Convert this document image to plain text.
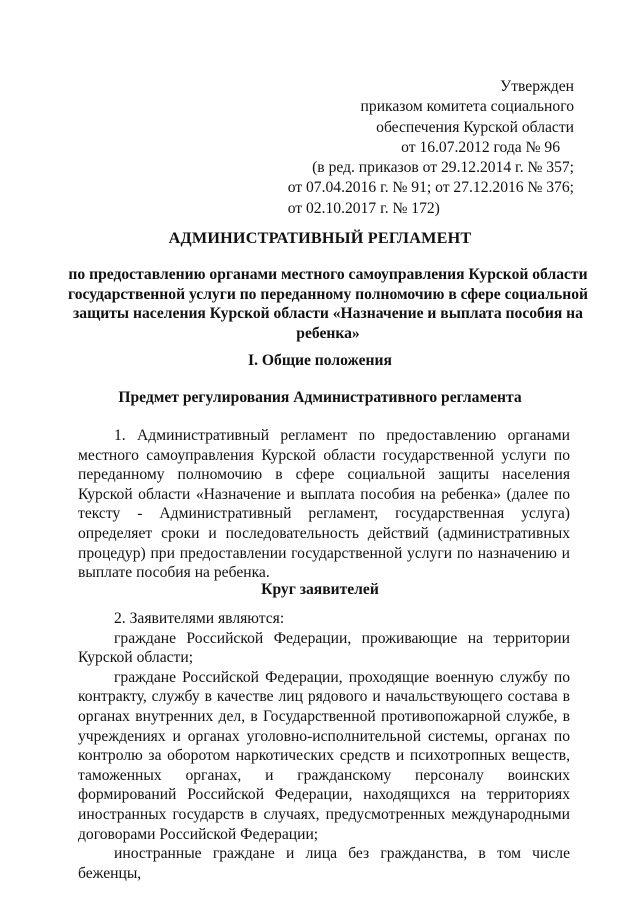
Утвержден
приказом комитета социального
обеспечения Курской области
от 16.07.2012 года № 96
(в ред. приказов от 29.12.2014 г. № 357;
от 07.04.2016 г. № 91; от 27.12.2016 № 376;
от 02.10.2017 г. № 172)
АДМИНИСТРАТИВНЫЙ РЕГЛАМЕНТ
по предоставлению органами местного самоуправления Курской области государственной услуги по переданному полномочию в сфере социальной защиты населения Курской области «Назначение и выплата пособия на ребенка»
I. Общие положения
Предмет регулирования Административного регламента
1. Административный регламент по предоставлению органами местного самоуправления Курской области государственной услуги по переданному полномочию в сфере социальной защиты населения Курской области «Назначение и выплата пособия на ребенка» (далее по тексту - Административный регламент, государственная услуга) определяет сроки и последовательность действий (административных процедур) при предоставлении государственной услуги по назначению и выплате пособия на ребенка.
Круг заявителей

2. Заявителями являются:

граждане Российской Федерации, проживающие на территории Курской области;

граждане Российской Федерации, проходящие военную службу по контракту, службу в качестве лиц рядового и начальствующего состава в органах внутренних дел, в Государственной противопожарной службе, в учреждениях и органах уголовно-исполнительной системы, органах по контролю за оборотом наркотических средств и психотропных веществ, таможенных органах, и гражданскому персоналу воинских формирований Российской Федерации, находящихся на территориях иностранных государств в случаях, предусмотренных международными договорами Российской Федерации;

иностранные граждане и лица без гражданства, в том числе беженцы,
